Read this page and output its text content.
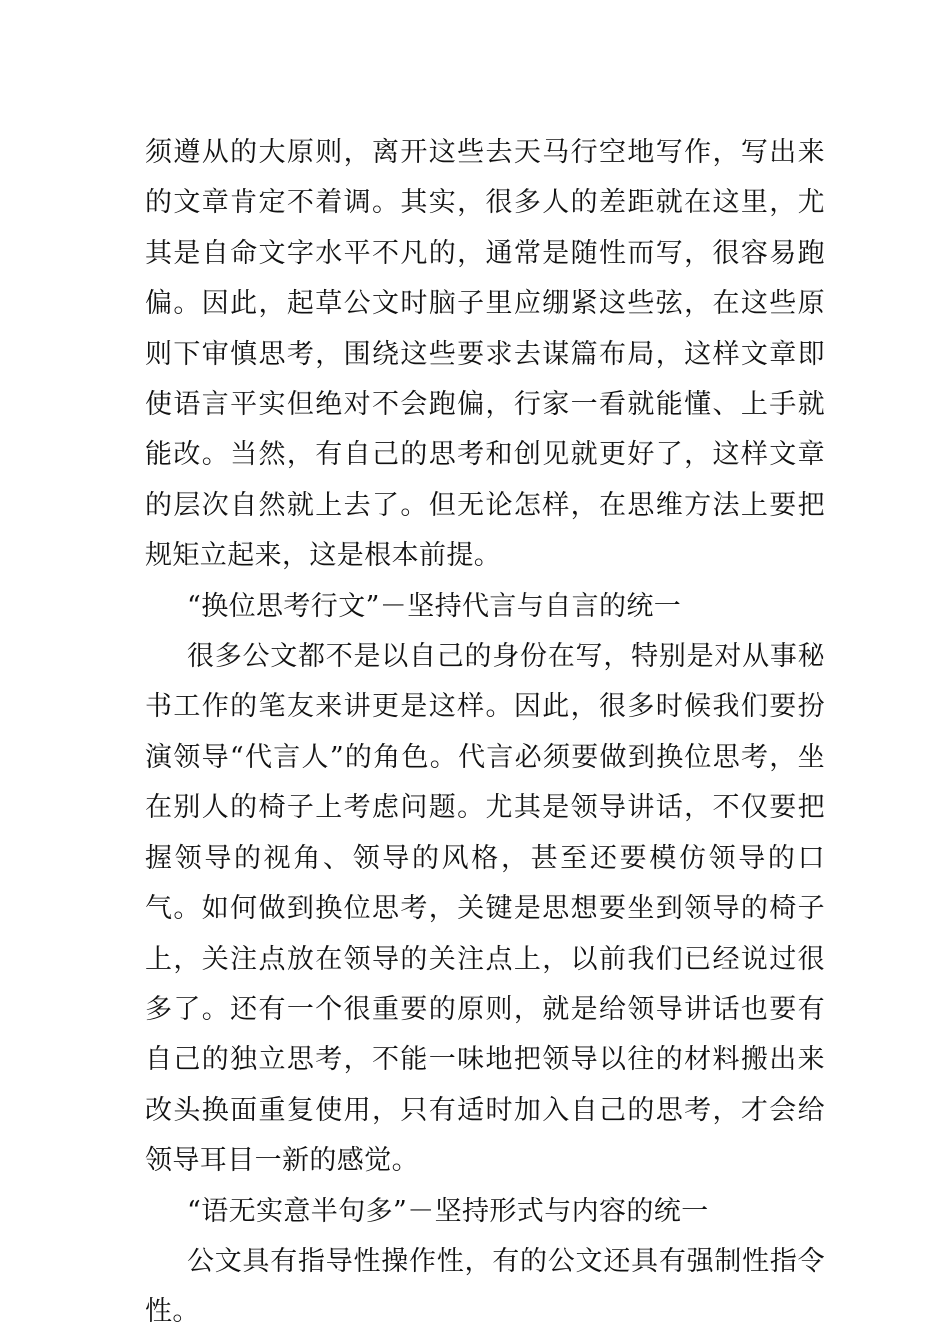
须遵从的大原则，离开这些去天马行空地写作，写出来的文章肯定不着调。其实，很多人的差距就在这里，尤其是自命文字水平不凡的，通常是随性而写，很容易跑偏。因此，起草公文时脑子里应绷紧这些弦，在这些原则下审慎思考，围绕这些要求去谋篇布局，这样文章即使语言平实但绝对不会跑偏，行家一看就能懂、上手就能改。当然，有自己的思考和创见就更好了，这样文章的层次自然就上去了。但无论怎样，在思维方法上要把规矩立起来，这是根本前提。

“换位思考行文”－坚持代言与自言的统一

很多公文都不是以自己的身份在写，特别是对从事秘书工作的笔友来讲更是这样。因此，很多时候我们要扮演领导“代言人”的角色。代言必须要做到换位思考，坐在别人的椅子上考虑问题。尤其是领导讲话，不仅要把握领导的视角、领导的风格，甚至还要模仿领导的口气。如何做到换位思考，关键是思想要坐到领导的椅子上，关注点放在领导的关注点上，以前我们已经说过很多了。还有一个很重要的原则，就是给领导讲话也要有自己的独立思考，不能一味地把领导以往的材料搬出来改头换面重复使用，只有适时加入自己的思考，才会给领导耳目一新的感觉。

“语无实意半句多”－坚持形式与内容的统一

公文具有指导性操作性，有的公文还具有强制性指令性。
